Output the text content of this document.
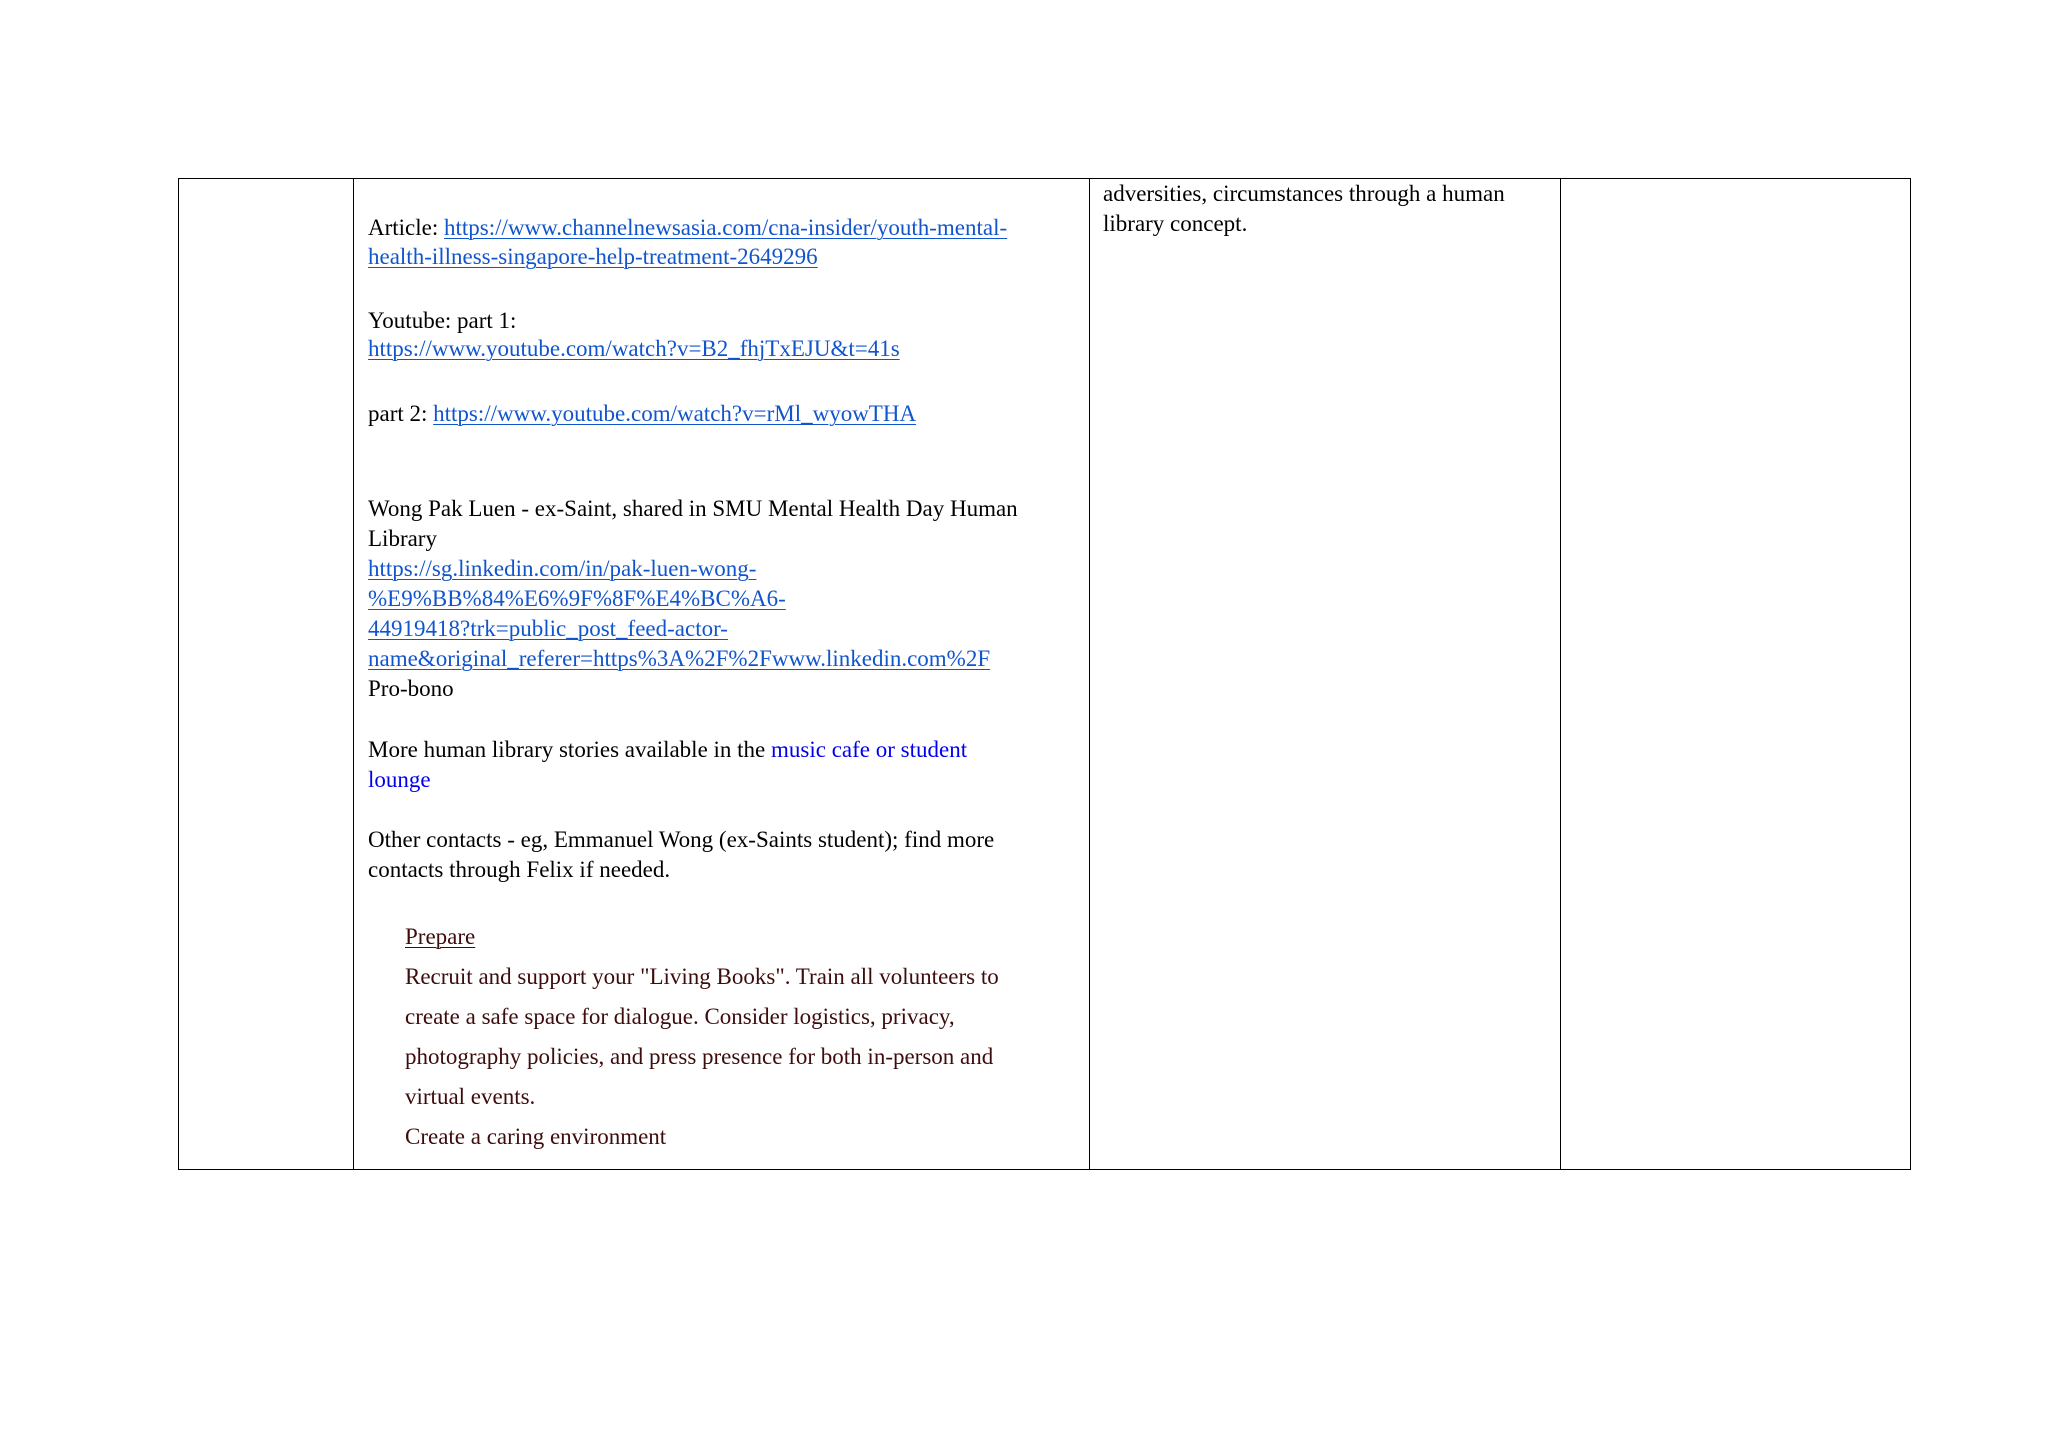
Article: https://www.channelnewsasia.com/cna-insider/youth-mental-
health-illness-singapore-help-treatment-2649296
Youtube: part 1:
https://www.youtube.com/watch?v=B2_fhjTxEJU&t=41s
part 2: https://www.youtube.com/watch?v=rMl_wyowTHA
Wong Pak Luen - ex-Saint, shared in SMU Mental Health Day Human
Library
https://sg.linkedin.com/in/pak-luen-wong-
%E9%BB%84%E6%9F%8F%E4%BC%A6-
44919418?trk=public_post_feed-actor-
name&original_referer=https%3A%2F%2Fwww.linkedin.com%2F
Pro-bono
More human library stories available in the music cafe or student
lounge
Other contacts - eg, Emmanuel Wong (ex-Saints student); find more
contacts through Felix if needed.
Prepare
Recruit and support your "Living Books". Train all volunteers to
create a safe space for dialogue. Consider logistics, privacy,
photography policies, and press presence for both in-person and
virtual events.
Create a caring environment
adversities, circumstances through a human
library concept.
